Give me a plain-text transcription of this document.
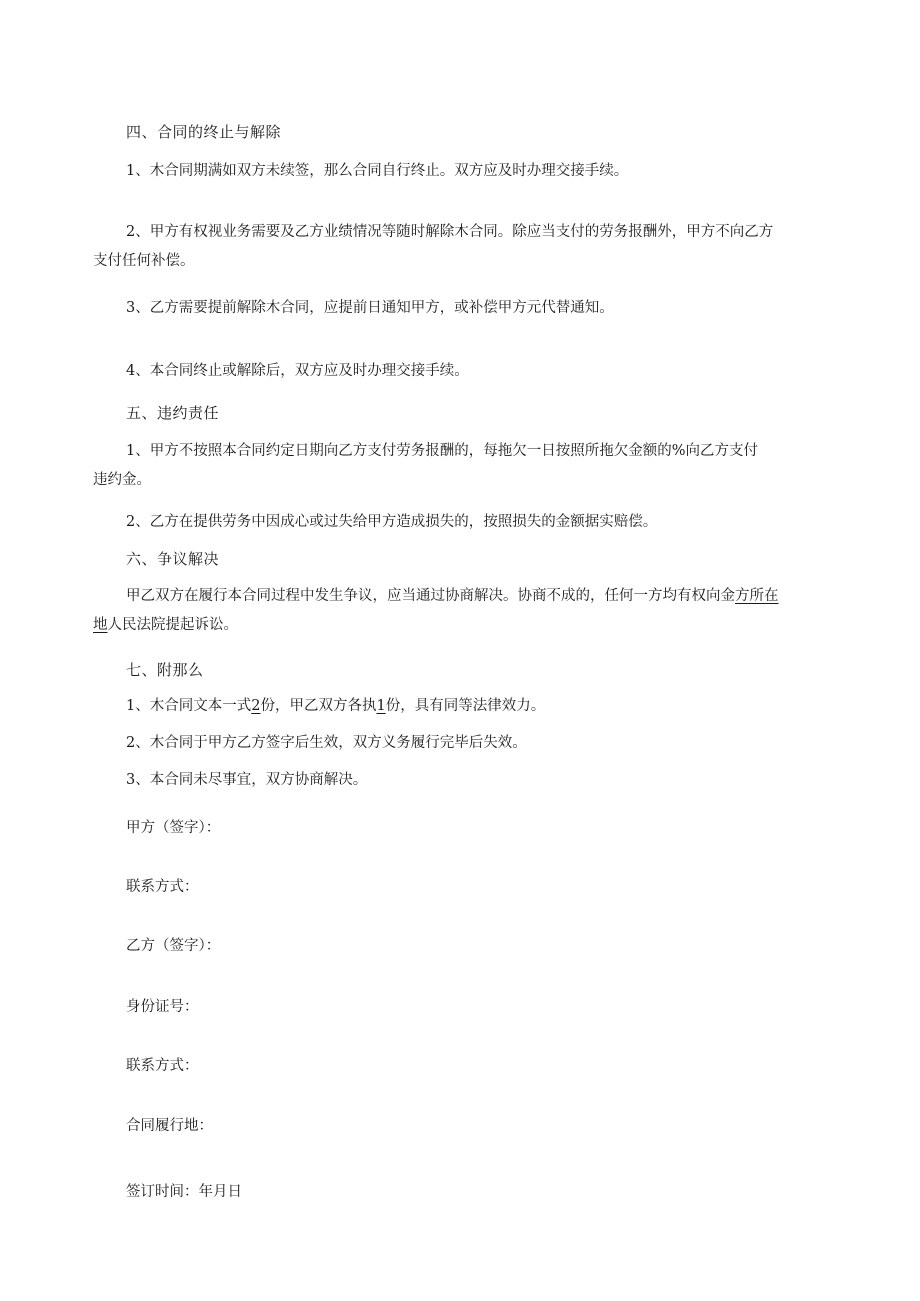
四、合同的终止与解除

1、木合同期满如双方未续签，那么合同自行终止。双方应及时办理交接手续。

2、甲方有权视业务需要及乙方业绩情况等随时解除木合同。除应当支付的劳务报酬外，甲方不向乙方
支付任何补偿。

3、乙方需要提前解除木合同，应提前日通知甲方，或补偿甲方元代替通知。

4、本合同终止或解除后，双方应及时办理交接手续。

五、违约责任

1、甲方不按照本合同约定日期向乙方支付劳务报酬的，每拖欠一日按照所拖欠金额的%向乙方支付
违约金。

2、乙方在提供劳务中因成心或过失给甲方造成损失的，按照损失的金额据实赔偿。

六、争议解决

甲乙双方在履行本合同过程中发生争议，应当通过协商解决。协商不成的，任何一方均有权向金方所在
地人民法院提起诉讼。

七、附那么

1、木合同文本一式2份，甲乙双方各执1份，具有同等法律效力。

2、木合同于甲方乙方签字后生效，双方义务履行完毕后失效。

3、本合同未尽事宜，双方协商解决。

甲方（签字）：
联系方式：
乙方（签字）：
身份证号：
联系方式：
合同履行地：
签订时间：年月日
